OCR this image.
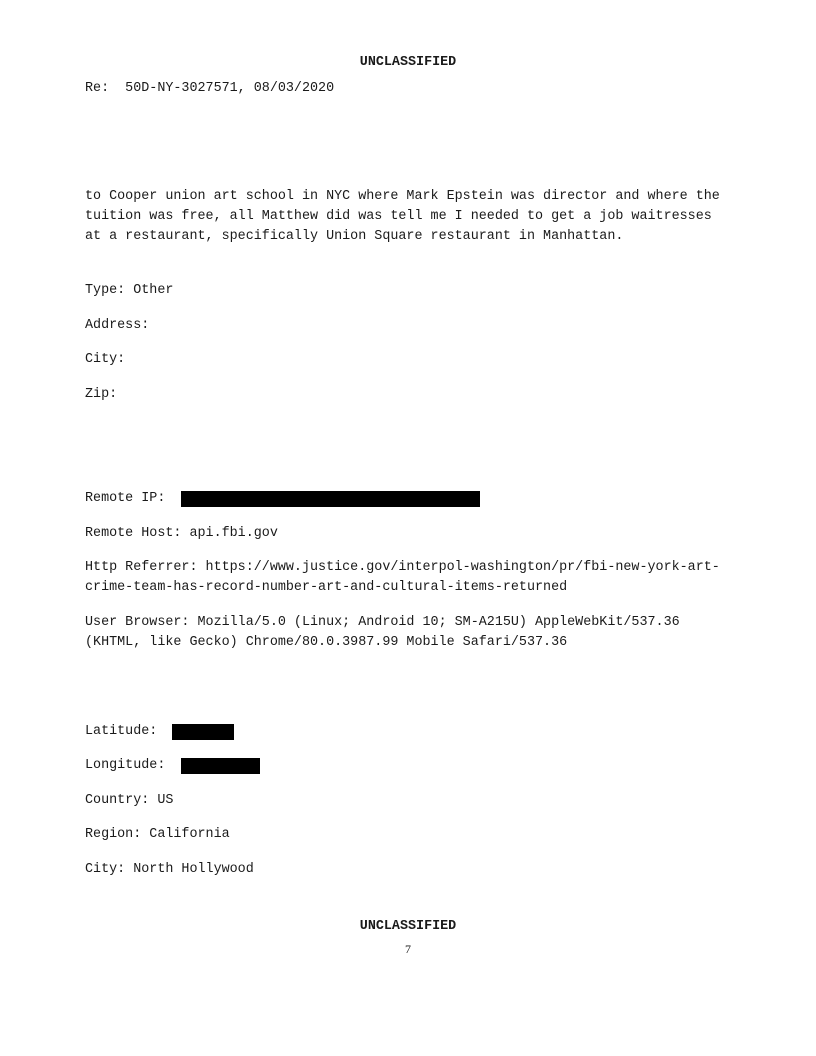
UNCLASSIFIED
Re:  50D-NY-3027571, 08/03/2020
to Cooper union art school in NYC where Mark Epstein was director and where the tuition was free, all Matthew did was tell me I needed to get a job waitresses at a restaurant, specifically Union Square restaurant in Manhattan.
Type: Other
Address:
City:
Zip:
Remote IP:
Remote Host: api.fbi.gov
Http Referrer: https://www.justice.gov/interpol-washington/pr/fbi-new-york-art-crime-team-has-record-number-art-and-cultural-items-returned
User Browser: Mozilla/5.0 (Linux; Android 10; SM-A215U) AppleWebKit/537.36 (KHTML, like Gecko) Chrome/80.0.3987.99 Mobile Safari/537.36
Latitude:
Longitude:
Country: US
Region: California
City: North Hollywood
UNCLASSIFIED
7
